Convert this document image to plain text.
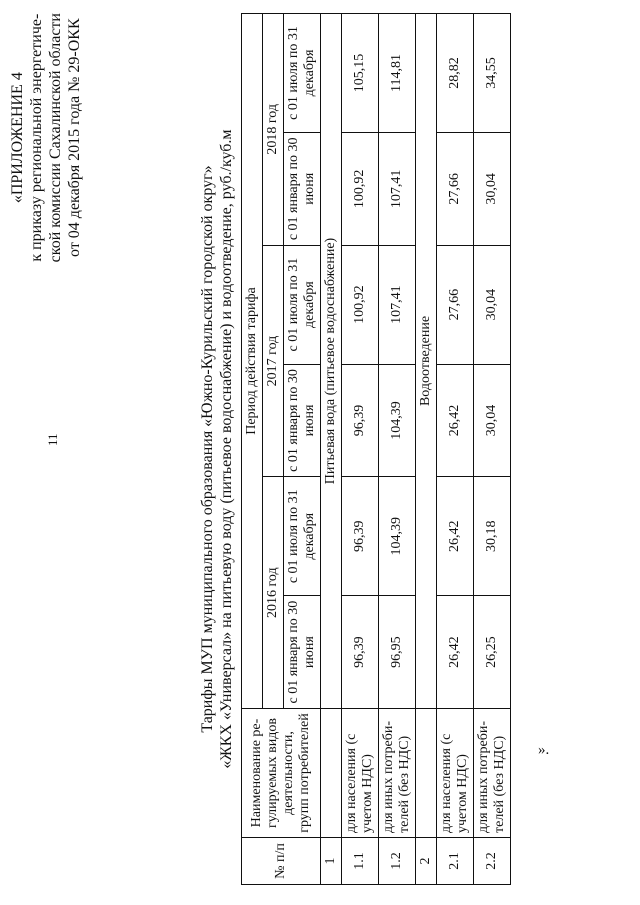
11
».
«ПРИЛОЖЕНИЕ 4 к приказу региональной энергетиче- ской комиссии Сахалинской области от 04 декабря 2015 года № 29-ОКК
Тарифы МУП муниципального образования «Южно-Курильский городской округ» «ЖКХ «Универсал» на питьевую воду (питьевое водоснабжение) и водоотведение, руб./куб.м
№ п/п	Наименование ре-гулируемых видов деятельности, групп потребителей	Период действия тарифа					
		2016 год		2017 год		2018 год	
		с 01 января по 30 июня	с 01 июля по 31 декабря	с 01 января по 30 июня	с 01 июля по 31 декабря	с 01 января по 30 июня	с 01 июля по 31 декабря
1		Питьевая вода (питьевое водоснабжение)					
1.1	для населения (с учетом НДС)	96,39	96,39	96,39	100,92	100,92	105,15
1.2	для иных потреби-телей (без НДС)	96,95	104,39	104,39	107,41	107,41	114,81
2		Водоотведение					
2.1	для населения (с учетом НДС)	26,42	26,42	26,42	27,66	27,66	28,82
2.2	для иных потреби-телей (без НДС)	26,25	30,18	30,04	30,04	30,04	34,55
